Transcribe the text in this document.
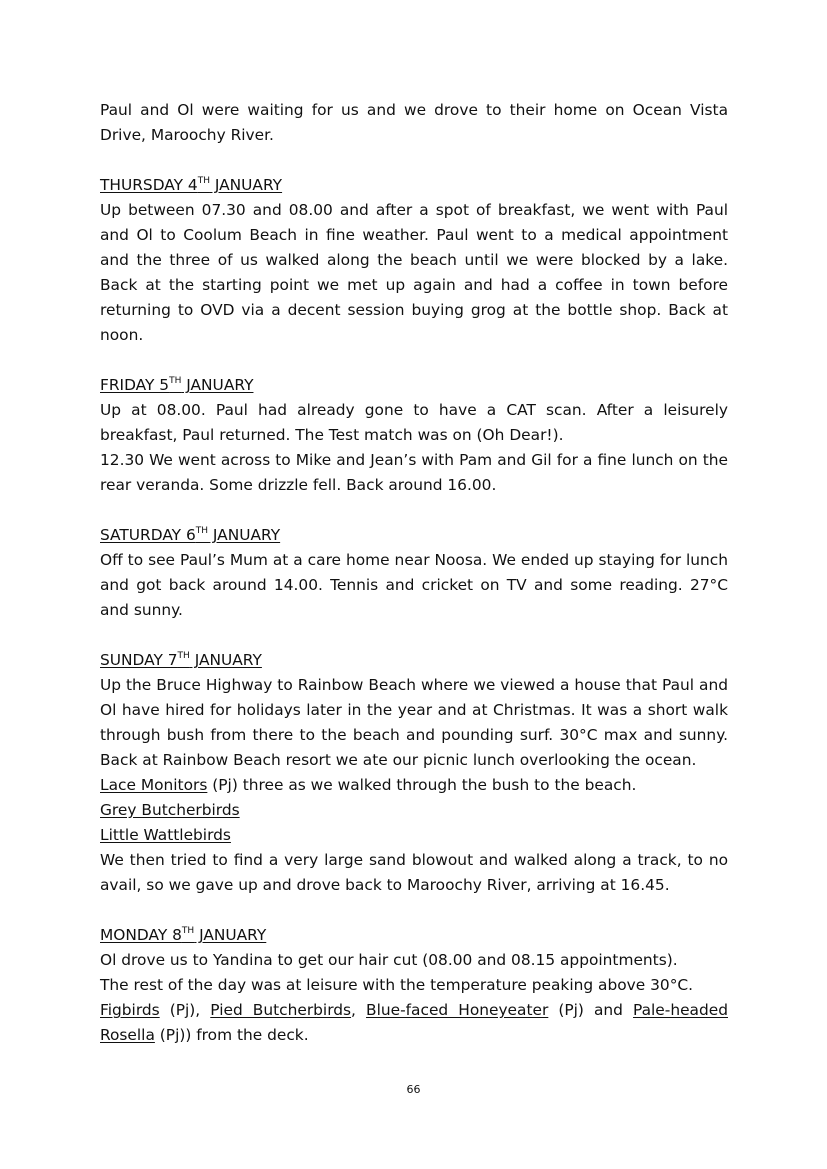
Paul and Ol were waiting for us and we drove to their home on Ocean Vista Drive, Maroochy River.

THURSDAY 4TH JANUARY

Up between 07.30 and 08.00 and after a spot of breakfast, we went with Paul and Ol to Coolum Beach in fine weather. Paul went to a medical appointment and the three of us walked along the beach until we were blocked by a lake. Back at the starting point we met up again and had a coffee in town before returning to OVD via a decent session buying grog at the bottle shop. Back at noon.

FRIDAY 5TH JANUARY

Up at 08.00. Paul had already gone to have a CAT scan. After a leisurely breakfast, Paul returned. The Test match was on (Oh Dear!).

12.30 We went across to Mike and Jean’s with Pam and Gil for a fine lunch on the rear veranda. Some drizzle fell. Back around 16.00.

SATURDAY 6TH JANUARY

Off to see Paul’s Mum at a care home near Noosa. We ended up staying for lunch and got back around 14.00. Tennis and cricket on TV and some reading. 27°C and sunny.

SUNDAY 7TH JANUARY

Up the Bruce Highway to Rainbow Beach where we viewed a house that Paul and Ol have hired for holidays later in the year and at Christmas. It was a short walk through bush from there to the beach and pounding surf. 30°C max and sunny. Back at Rainbow Beach resort we ate our picnic lunch overlooking the ocean.

Lace Monitors (Pj) three as we walked through the bush to the beach.

Grey Butcherbirds

Little Wattlebirds

We then tried to find a very large sand blowout and walked along a track, to no avail, so we gave up and drove back to Maroochy River, arriving at 16.45.

MONDAY 8TH JANUARY

Ol drove us to Yandina to get our hair cut (08.00 and 08.15 appointments).

The rest of the day was at leisure with the temperature peaking above 30°C.

Figbirds (Pj), Pied Butcherbirds, Blue-faced Honeyeater (Pj) and Pale-headed Rosella (Pj)) from the deck.

66
